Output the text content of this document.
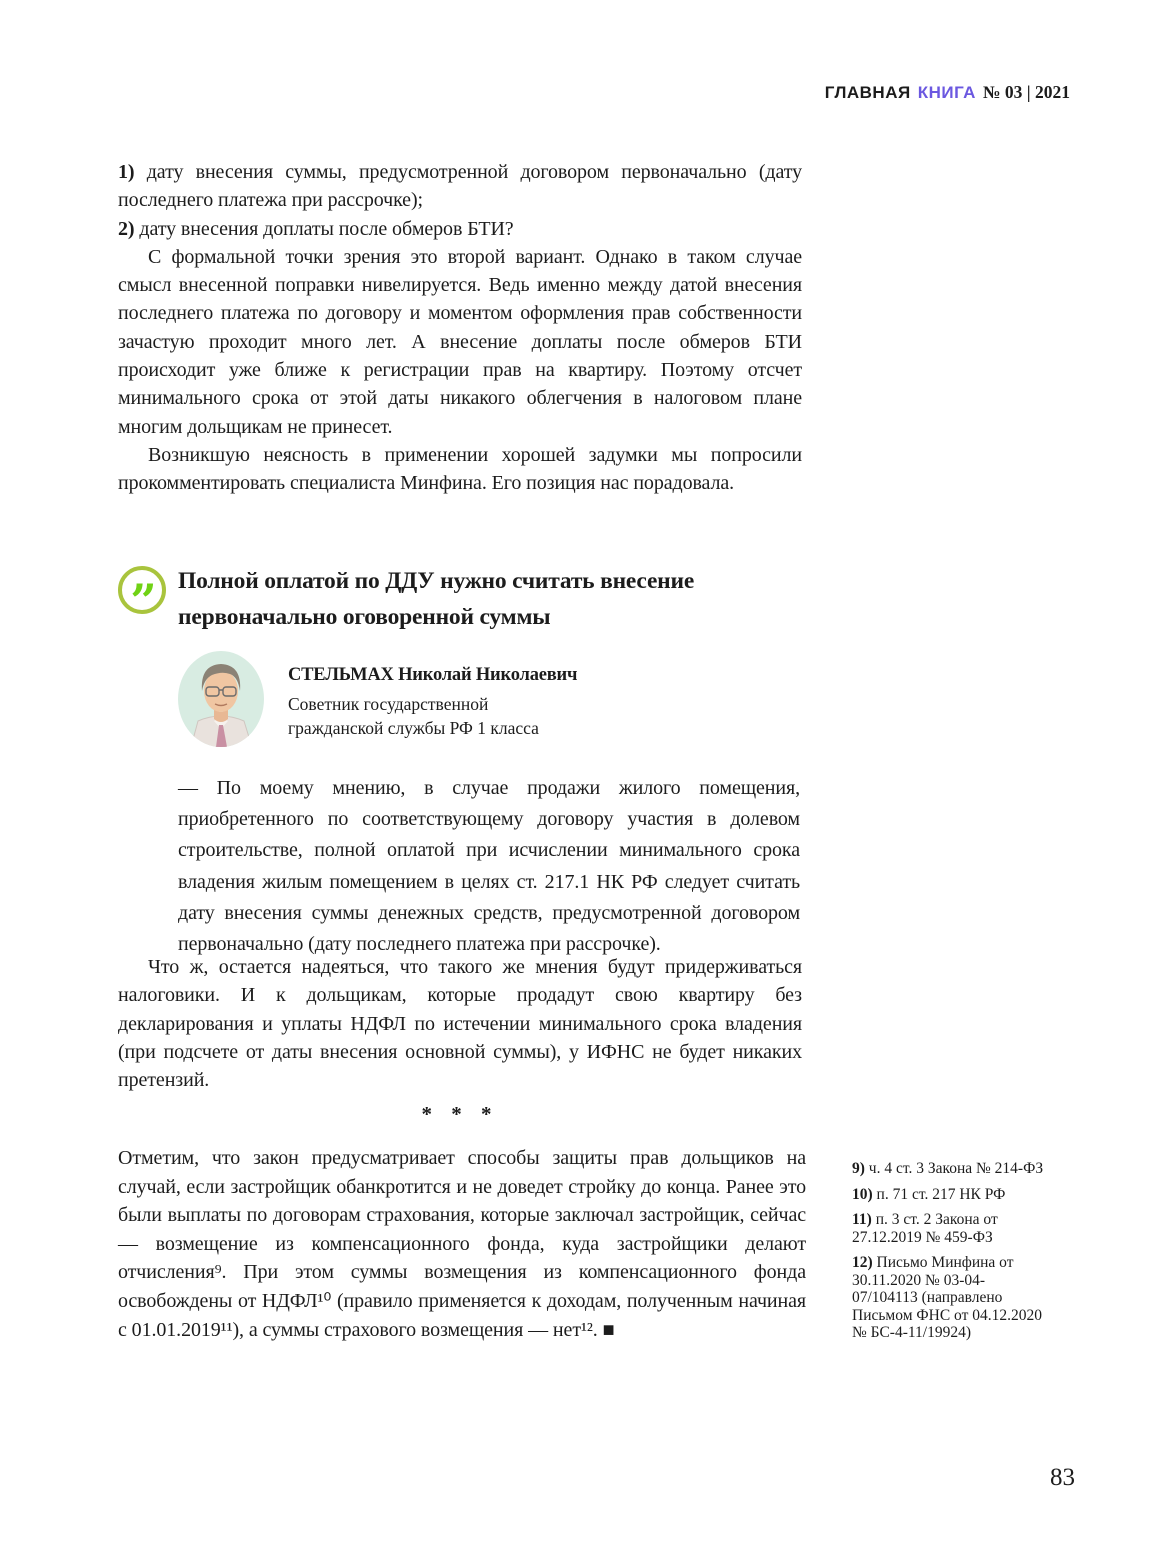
ГЛАВНАЯ КНИГА № 03 | 2021

1) дату внесения суммы, предусмотренной договором первоначально (дату последнего платежа при рассрочке);

2) дату внесения доплаты после обмеров БТИ?

С формальной точки зрения это второй вариант. Однако в таком случае смысл внесенной поправки нивелируется. Ведь именно между датой внесения последнего платежа по договору и моментом оформления прав собственности зачастую проходит много лет. А внесение доплаты после обмеров БТИ происходит уже ближе к регистрации прав на квартиру. Поэтому отсчет минимального срока от этой даты никакого облегчения в налоговом плане многим дольщикам не принесет.

Возникшую неясность в применении хорошей задумки мы попросили прокомментировать специалиста Минфина. Его позиция нас порадовала.

”	Полной оплатой по ДДУ нужно считать внесение первоначально оговоренной суммы

СТЕЛЬМАХ Николай Николаевич

Советник государственной

гражданской службы РФ 1 класса

— По моему мнению, в случае продажи жилого помещения, приобретенного по соответствующему договору участия в долевом строительстве, полной оплатой при исчислении минимального срока владения жилым помещением в целях ст. 217.1 НК РФ следует считать дату внесения суммы денежных средств, предусмотренной договором первоначально (дату последнего платежа при рассрочке).

Что ж, остается надеяться, что такого же мнения будут придерживаться налоговики. И к дольщикам, которые продадут свою квартиру без декларирования и уплаты НДФЛ по истечении минимального срока владения (при подсчете от даты внесения основной суммы), у ИФНС не будет никаких претензий.

* * *

Отметим, что закон предусматривает способы защиты прав дольщиков на случай, если застройщик обанкротится и не доведет стройку до конца. Ранее это были выплаты по договорам страхования, которые заключал застройщик, сейчас — возмещение из компенсационного фонда, куда застройщики делают отчисления⁹. При этом суммы возмещения из компенсационного фонда освобождены от НДФЛ¹⁰ (правило применяется к доходам, полученным начиная с 01.01.2019¹¹), а суммы страхового возмещения — нет¹². ■

9) ч. 4 ст. 3 Закона № 214-ФЗ

10) п. 71 ст. 217 НК РФ

11) п. 3 ст. 2 Закона от 27.12.2019 № 459-ФЗ

12) Письмо Минфина от 30.11.2020 № 03-04-07/104113 (направлено Письмом ФНС от 04.12.2020 № БС-4-11/19924)

83
